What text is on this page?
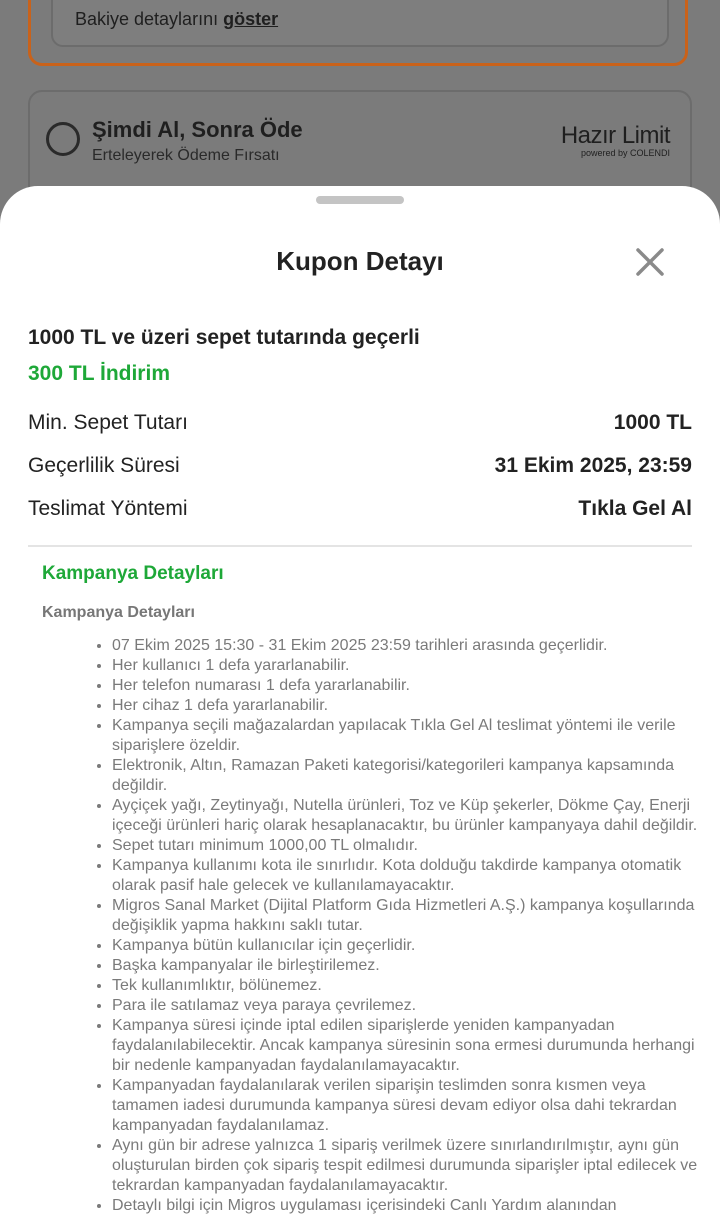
Bakiye detaylarını göster
Şimdi Al, Sonra Öde
Erteleyerek Ödeme Fırsatı
Hazır Limit
powered by COLENDI
Kupon Detayı
1000 TL ve üzeri sepet tutarında geçerli
300 TL İndirim
Min. Sepet Tutarı	1000 TL
Geçerlilik Süresi	31 Ekim 2025, 23:59
Teslimat Yöntemi	Tıkla Gel Al
Kampanya Detayları
Kampanya Detayları
• 07 Ekim 2025 15:30 - 31 Ekim 2025 23:59 tarihleri arasında geçerlidir.
• Her kullanıcı 1 defa yararlanabilir.
• Her telefon numarası 1 defa yararlanabilir.
• Her cihaz 1 defa yararlanabilir.
• Kampanya seçili mağazalardan yapılacak Tıkla Gel Al teslimat yöntemi ile verile siparişlere özeldir.
• Elektronik, Altın, Ramazan Paketi kategorisi/kategorileri kampanya kapsamında değildir.
• Ayçiçek yağı, Zeytinyağı, Nutella ürünleri, Toz ve Küp şekerler, Dökme Çay, Enerji içeceği ürünleri hariç olarak hesaplanacaktır, bu ürünler kampanyaya dahil değildir.
• Sepet tutarı minimum 1000,00 TL olmalıdır.
• Kampanya kullanımı kota ile sınırlıdır. Kota dolduğu takdirde kampanya otomatik olarak pasif hale gelecek ve kullanılamayacaktır.
• Migros Sanal Market (Dijital Platform Gıda Hizmetleri A.Ş.) kampanya koşullarında değişiklik yapma hakkını saklı tutar.
• Kampanya bütün kullanıcılar için geçerlidir.
• Başka kampanyalar ile birleştirilemez.
• Tek kullanımlıktır, bölünemez.
• Para ile satılamaz veya paraya çevrilemez.
• Kampanya süresi içinde iptal edilen siparişlerde yeniden kampanyadan faydalanılabilecektir. Ancak kampanya süresinin sona ermesi durumunda herhangi bir nedenle kampanyadan faydalanılamayacaktır.
• Kampanyadan faydalanılarak verilen siparişin teslimden sonra kısmen veya tamamen iadesi durumunda kampanya süresi devam ediyor olsa dahi tekrardan kampanyadan faydalanılamaz.
• Aynı gün bir adrese yalnızca 1 sipariş verilmek üzere sınırlandırılmıştır, aynı gün oluşturulan birden çok sipariş tespit edilmesi durumunda siparişler iptal edilecek ve tekrardan kampanyadan faydalanılamayacaktır.
• Detaylı bilgi için Migros uygulaması içerisindeki Canlı Yardım alanından
